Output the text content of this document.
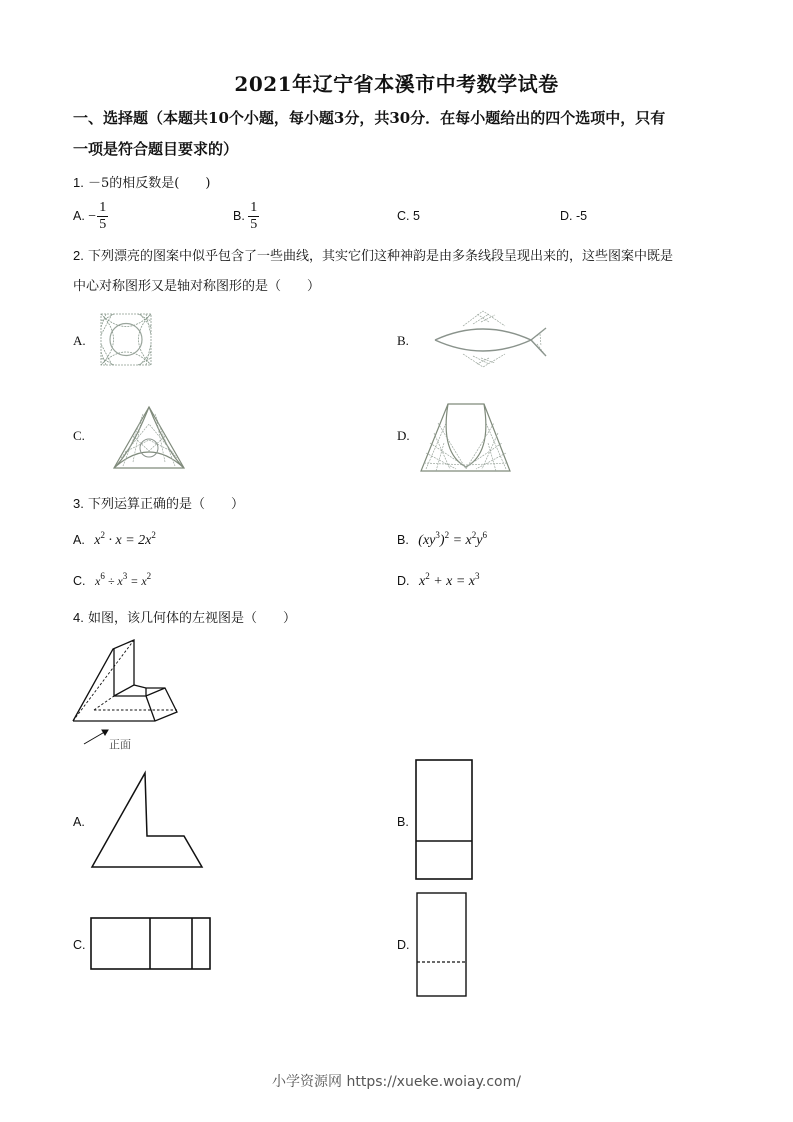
2021年辽宁省本溪市中考数学试卷
一、选择题（本题共10个小题，每小题3分，共30分．在每小题给出的四个选项中，只有
一项是符合题目要求的）
1. －5的相反数是(　　)
A. − $\frac{1}{5}$	B. $\frac{1}{5}$	C. 5	D. -5
2. 下列漂亮的图案中似乎包含了一些曲线，其实它们这种神韵是由多条线段呈现出来的，这些图案中既是
中心对称图形又是轴对称图形的是（　　）
A.	B.
C.	D.
3. 下列运算正确的是（　　）
A. $x^2 \cdot x = 2x^2$	B. $(xy^3)^2 = x^2y^6$
C. $x^6 \div x^3 = x^2$	D. $x^2 + x = x^3$
4. 如图，该几何体的左视图是（　　）
正面
A.	B.
C.	D.
小学资源网 https://xueke.woiay.com/
